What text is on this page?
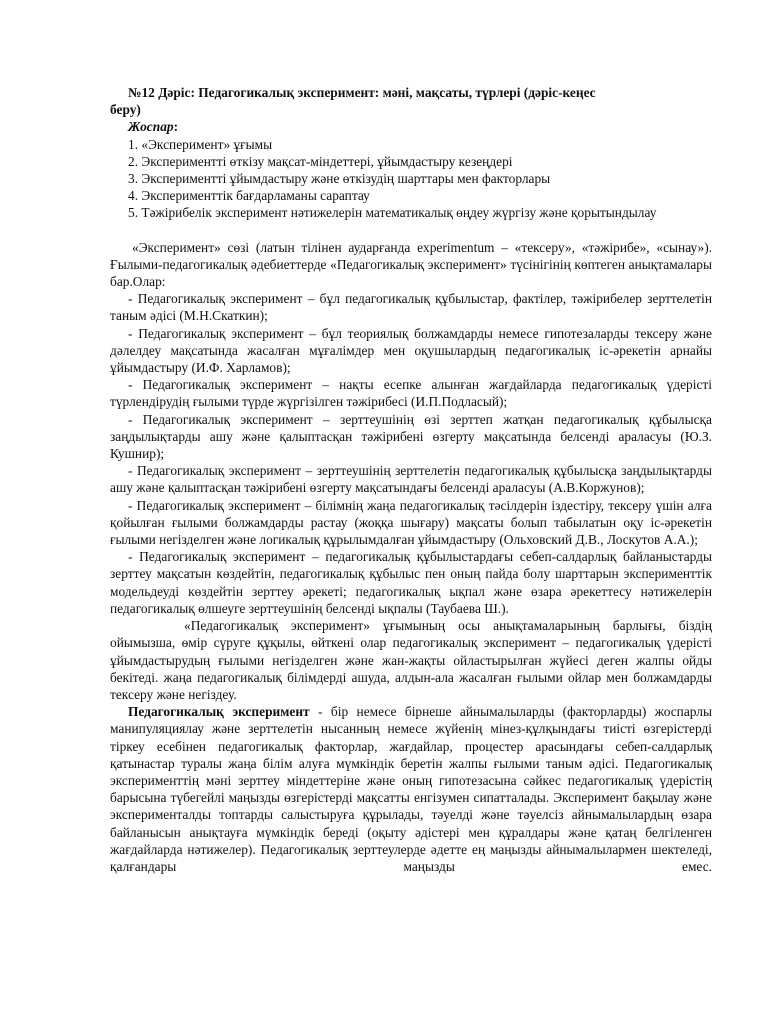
№12 Дәріс: Педагогикалық эксперимент: мәні, мақсаты, түрлері (дәріс-кеңес
беру)

Жоспар:

1. «Эксперимент» ұғымы
2. Экспериментті өткізу мақсат-міндеттері, ұйымдастыру кезеңдері
3. Экспериментті ұйымдастыру және өткізудің шарттары мен факторлары
4. Эксперименттік бағдарламаны сараптау
5. Тәжірибелік эксперимент нәтижелерін математикалық өңдеу жүргізу және қорытындылау

«Эксперимент» сөзі (латын тілінен аударғанда experimentum – «тексеру», «тәжірибе», «сынау»). Ғылыми-педагогикалық әдебиеттерде «Педагогикалық эксперимент» түсінігінің көптеген анықтамалары бар.Олар:

- Педагогикалық эксперимент – бұл педагогикалық құбылыстар, фактілер, тәжірибелер зерттелетін таным әдісі (М.Н.Скаткин);

- Педагогикалық эксперимент – бұл теориялық болжамдарды немесе гипотезаларды тексеру және дәлелдеу мақсатында жасалған мұғалімдер мен оқушылардың педагогикалық іс-әрекетін арнайы ұйымдастыру (И.Ф. Харламов);

- Педагогикалық эксперимент – нақты есепке алынған жағдайларда педагогикалық үдерісті түрлендірудің ғылыми түрде жүргізілген тәжірибесі (И.П.Подласый);

- Педагогикалық эксперимент – зерттеушінің өзі зерттеп жатқан педагогикалық құбылысқа заңдылықтарды ашу және қалыптасқан тәжірибені өзгерту мақсатында белсенді араласуы (Ю.З. Кушнир);

- Педагогикалық эксперимент – зерттеушінің зерттелетін педагогикалық құбылысқа заңдылықтарды ашу және қалыптасқан тәжірибені өзгерту мақсатындағы белсенді араласуы (А.В.Коржунов);

- Педагогикалық эксперимент – білімнің жаңа педагогикалық тәсілдерін іздестіру, тексеру үшін алға қойылған ғылыми болжамдарды растау (жоққа шығару) мақсаты болып табылатын оқу іс-әрекетін ғылыми негізделген және логикалық құрылымдалған ұйымдастыру (Ольховский Д.В., Лоскутов А.А.);

- Педагогикалық эксперимент – педагогикалық құбылыстардағы себеп-салдарлық байланыстарды зерттеу мақсатын көздейтін, педагогикалық құбылыс пен оның пайда болу шарттарын эксперименттік модельдеуді көздейтін зерттеу әрекеті; педагогикалық ықпал және өзара әрекеттесу нәтижелерін педагогикалық өлшеуге зерттеушінің белсенді ықпалы (Таубаева Ш.).

«Педагогикалық эксперимент» ұғымының осы анықтамаларының барлығы, біздің ойымызша, өмір сүруге құқылы, өйткені олар педагогикалық эксперимент – педагогикалық үдерісті ұйымдастырудың ғылыми негізделген және жан-жақты ойластырылған жүйесі деген жалпы ойды бекітеді. жаңа педагогикалық білімдерді ашуда, алдын-ала жасалған ғылыми ойлар мен болжамдарды тексеру және негіздеу.

Педагогикалық эксперимент - бір немесе бірнеше айнымалыларды (факторларды) жоспарлы манипуляциялау және зерттелетін нысанның немесе жүйенің мінез-құлқындағы тиісті өзгерістерді тіркеу есебінен педагогикалық факторлар, жағдайлар, процестер арасындағы себеп-салдарлық қатынастар туралы жаңа білім алуға мүмкіндік беретін жалпы ғылыми таным әдісі. Педагогикалық эксперименттің мәні зерттеу міндеттеріне және оның гипотезасына сәйкес педагогикалық үдерістің барысына түбегейлі маңызды өзгерістерді мақсатты енгізумен сипатталады. Эксперимент бақылау және эксперименталды топтарды салыстыруға құрылады, тәуелді және тәуелсіз айнымалылардың өзара байланысын анықтауға мүмкіндік береді (оқыту әдістері мен құралдары және қатаң белгіленген жағдайларда нәтижелер). Педагогикалық зерттеулерде әдетте ең маңызды айнымалылармен шектеледі, қалғандары маңызды емес.
